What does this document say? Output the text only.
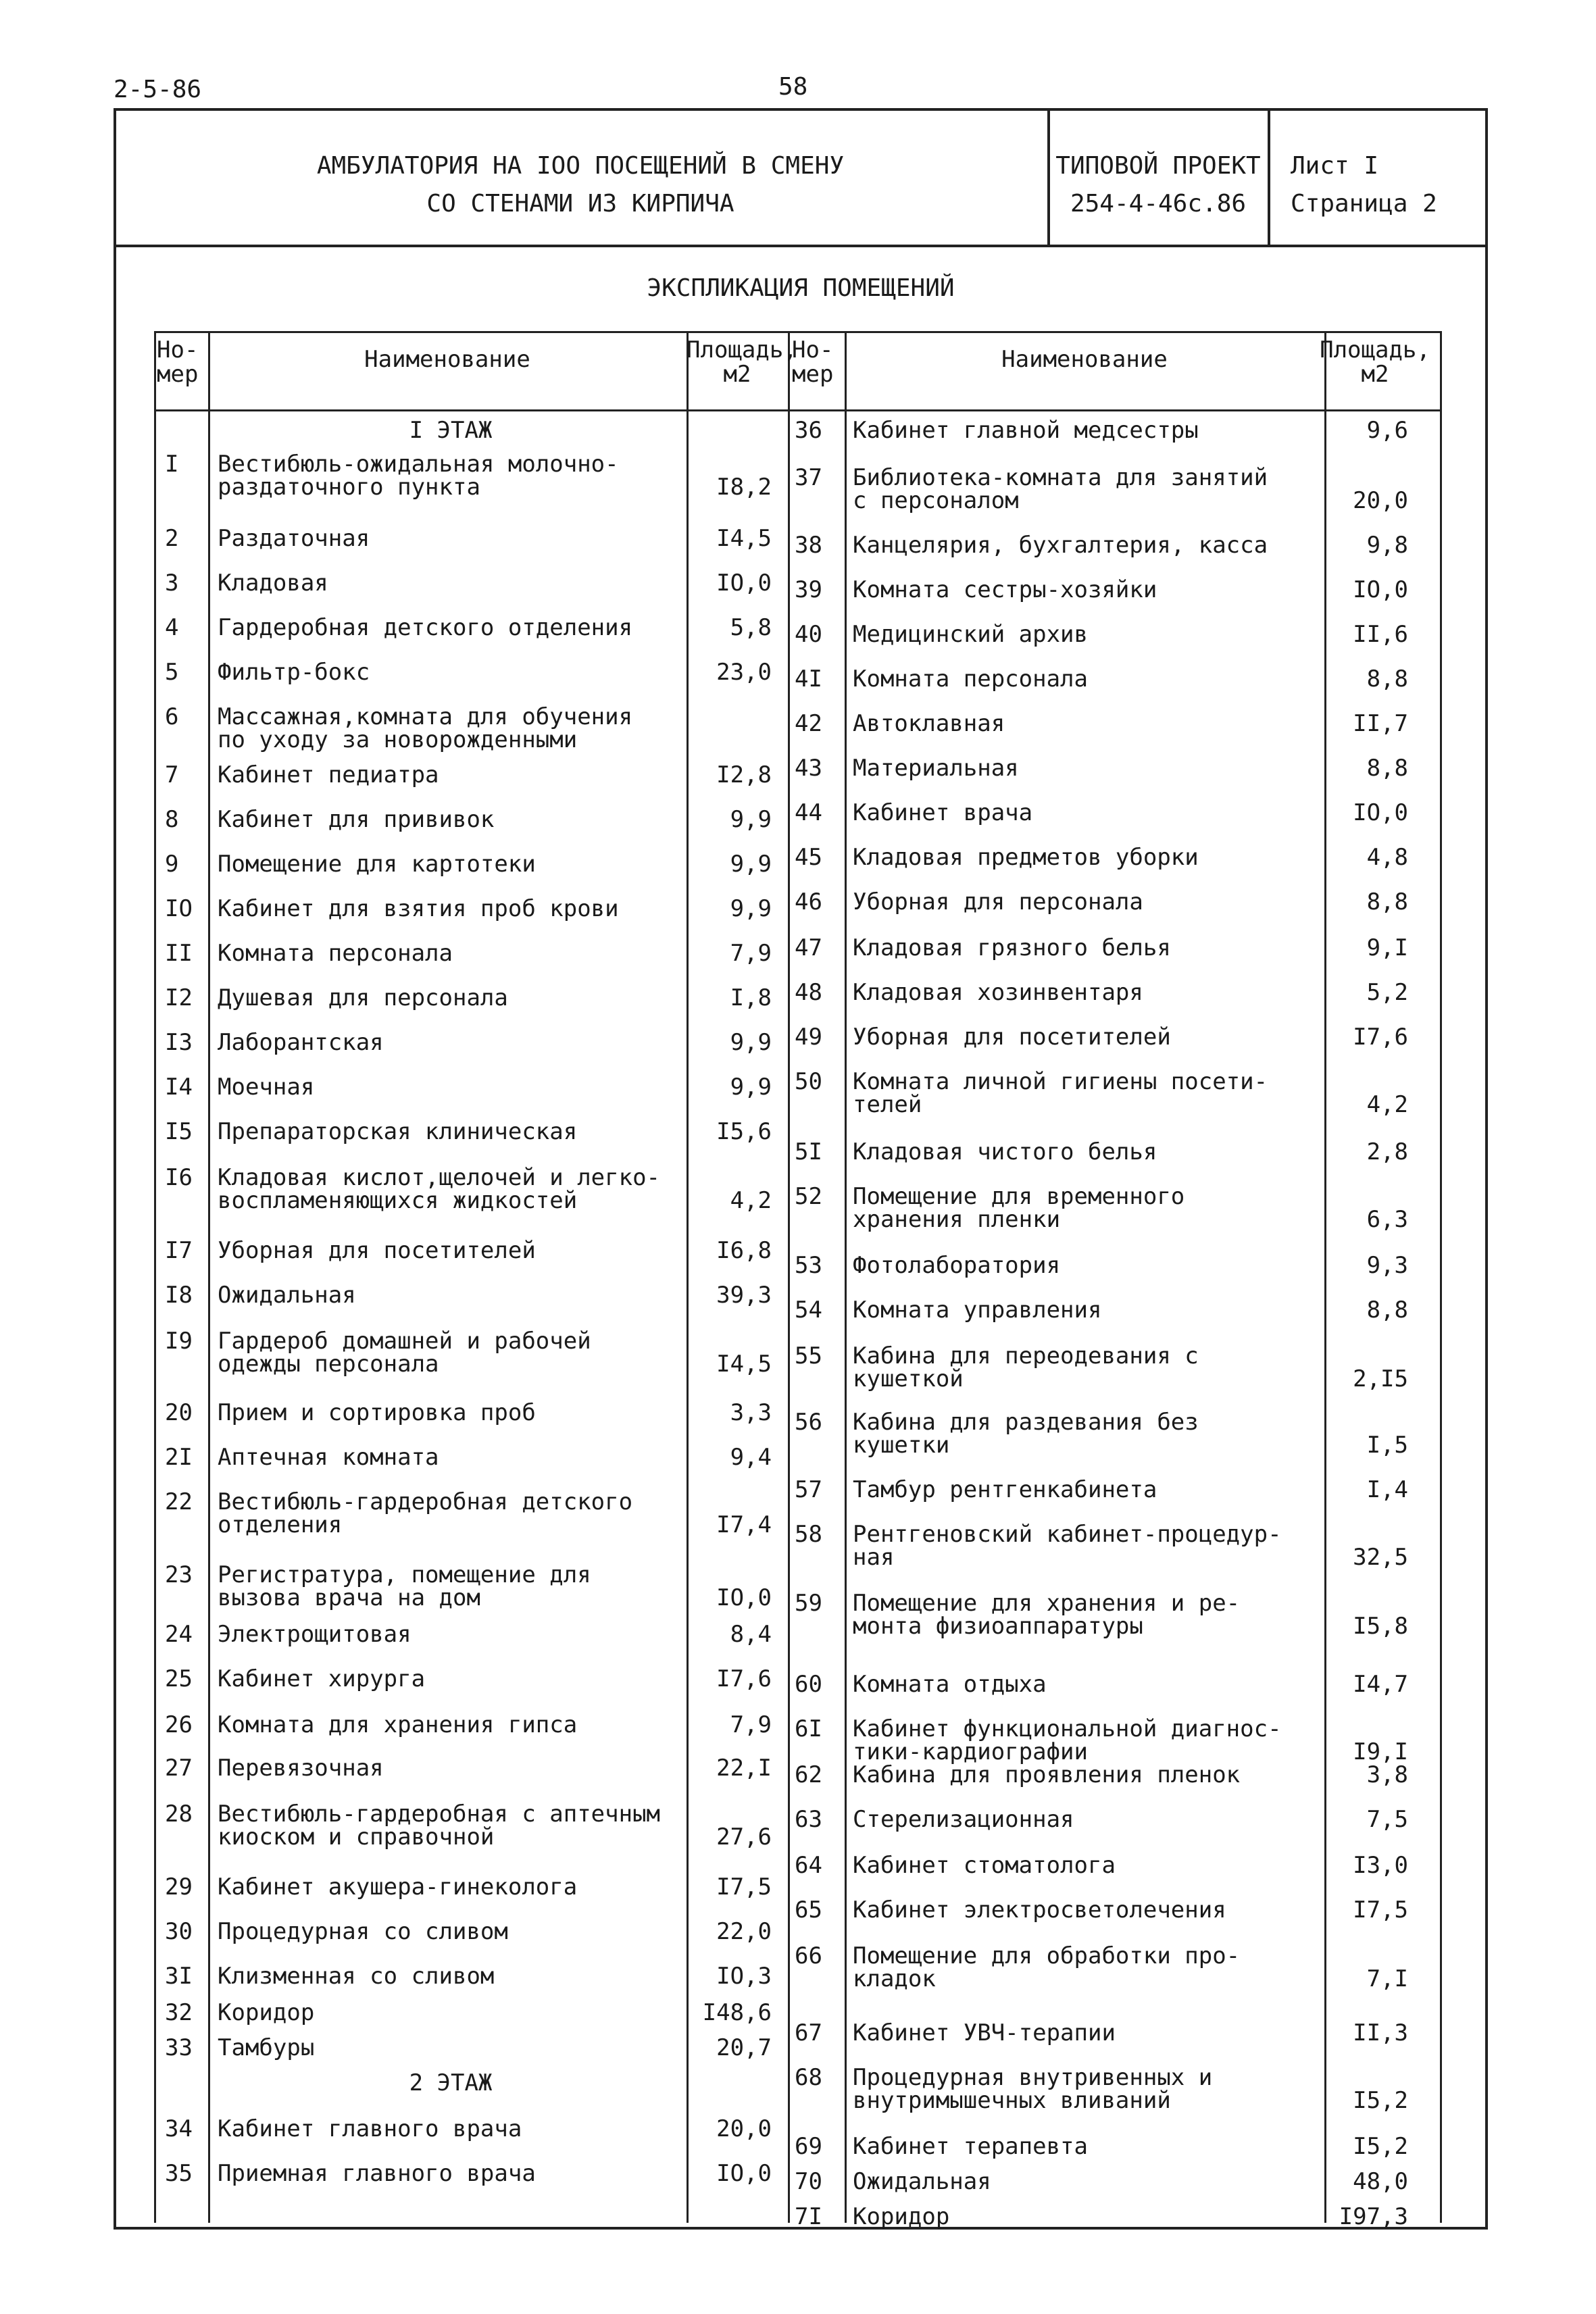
2-5-86	58
АМБУЛАТОРИЯ НА IOO ПОСЕЩЕНИЙ В СМЕНУ
СО СТЕНАМИ ИЗ КИРПИЧА
ТИПОВОЙ ПРОЕКТ
254-4-46с.86
Лист I
Страница 2
ЭКСПЛИКАЦИЯ ПОМЕЩЕНИЙ
Но-
мер
Наименование	Площадь,
м2
Но-
мер
Наименование	Площадь,
м2
I ЭТАЖ
I	Вестибюль-ожидальная молочно-
раздаточного пункта	I8,2
2	Раздаточная	I4,5
3	Кладовая	IO,0
4	Гардеробная детского отделения	5,8
5	Фильтр-бокс	23,0
6	Массажная,комната для обучения
по уходу за новорожденными
7	Кабинет педиатра	I2,8
8	Кабинет для прививок	9,9
9	Помещение для картотеки	9,9
IO	Кабинет для взятия проб крови	9,9
II	Комната персонала	7,9
I2	Душевая для персонала	I,8
I3	Лаборантская	9,9
I4	Моечная	9,9
I5	Препараторская клиническая	I5,6
I6	Кладовая кислот,щелочей и легко-
воспламеняющихся жидкостей	4,2
I7	Уборная для посетителей	I6,8
I8	Ожидальная	39,3
I9	Гардероб домашней и рабочей
одежды персонала	I4,5
20	Прием и сортировка проб	3,3
2I	Аптечная комната	9,4
22	Вестибюль-гардеробная детского
отделения	I7,4
23	Регистратура, помещение для
вызова врача на дом	IO,0
24	Электрощитовая	8,4
25	Кабинет хирурга	I7,6
26	Комната для хранения гипса	7,9
27	Перевязочная	22,I
28	Вестибюль-гардеробная с аптечным
киоском и справочной	27,6
29	Кабинет акушера-гинеколога	I7,5
30	Процедурная со сливом	22,0
3I	Клизменная со сливом	IO,3
32	Коридор	I48,6
33	Тамбуры	20,7
2 ЭТАЖ
34	Кабинет главного врача	20,0
35	Приемная главного врача	IO,0
36	Кабинет главной медсестры	9,6
37	Библиотека-комната для занятий
с персоналом	20,0
38	Канцелярия, бухгалтерия, касса	9,8
39	Комната сестры-хозяйки	IO,0
40	Медицинский архив	II,6
4I	Комната персонала	8,8
42	Автоклавная	II,7
43	Материальная	8,8
44	Кабинет врача	IO,0
45	Кладовая предметов уборки	4,8
46	Уборная для персонала	8,8
47	Кладовая грязного белья	9,I
48	Кладовая хозинвентаря	5,2
49	Уборная для посетителей	I7,6
50	Комната личной гигиены посети-
телей	4,2
5I	Кладовая чистого белья	2,8
52	Помещение для временного
хранения пленки	6,3
53	Фотолаборатория	9,3
54	Комната управления	8,8
55	Кабина для переодевания с
кушеткой	2,I5
56	Кабина для раздевания без
кушетки	I,5
57	Тамбур рентгенкабинета	I,4
58	Рентгеновский кабинет-процедур-
ная	32,5
59	Помещение для хранения и ре-
монта физиоаппаратуры	I5,8
60	Комната отдыха	I4,7
6I	Кабинет функциональной диагнос-
тики-кардиографии	I9,I
62	Кабина для проявления пленок	3,8
63	Стерелизационная	7,5
64	Кабинет стоматолога	I3,0
65	Кабинет электросветолечения	I7,5
66	Помещение для обработки про-
кладок	7,I
67	Кабинет УВЧ-терапии	II,3
68	Процедурная внутривенных и
внутримышечных вливаний	I5,2
69	Кабинет терапевта	I5,2
70	Ожидальная	48,0
7I	Коридор	I97,3
